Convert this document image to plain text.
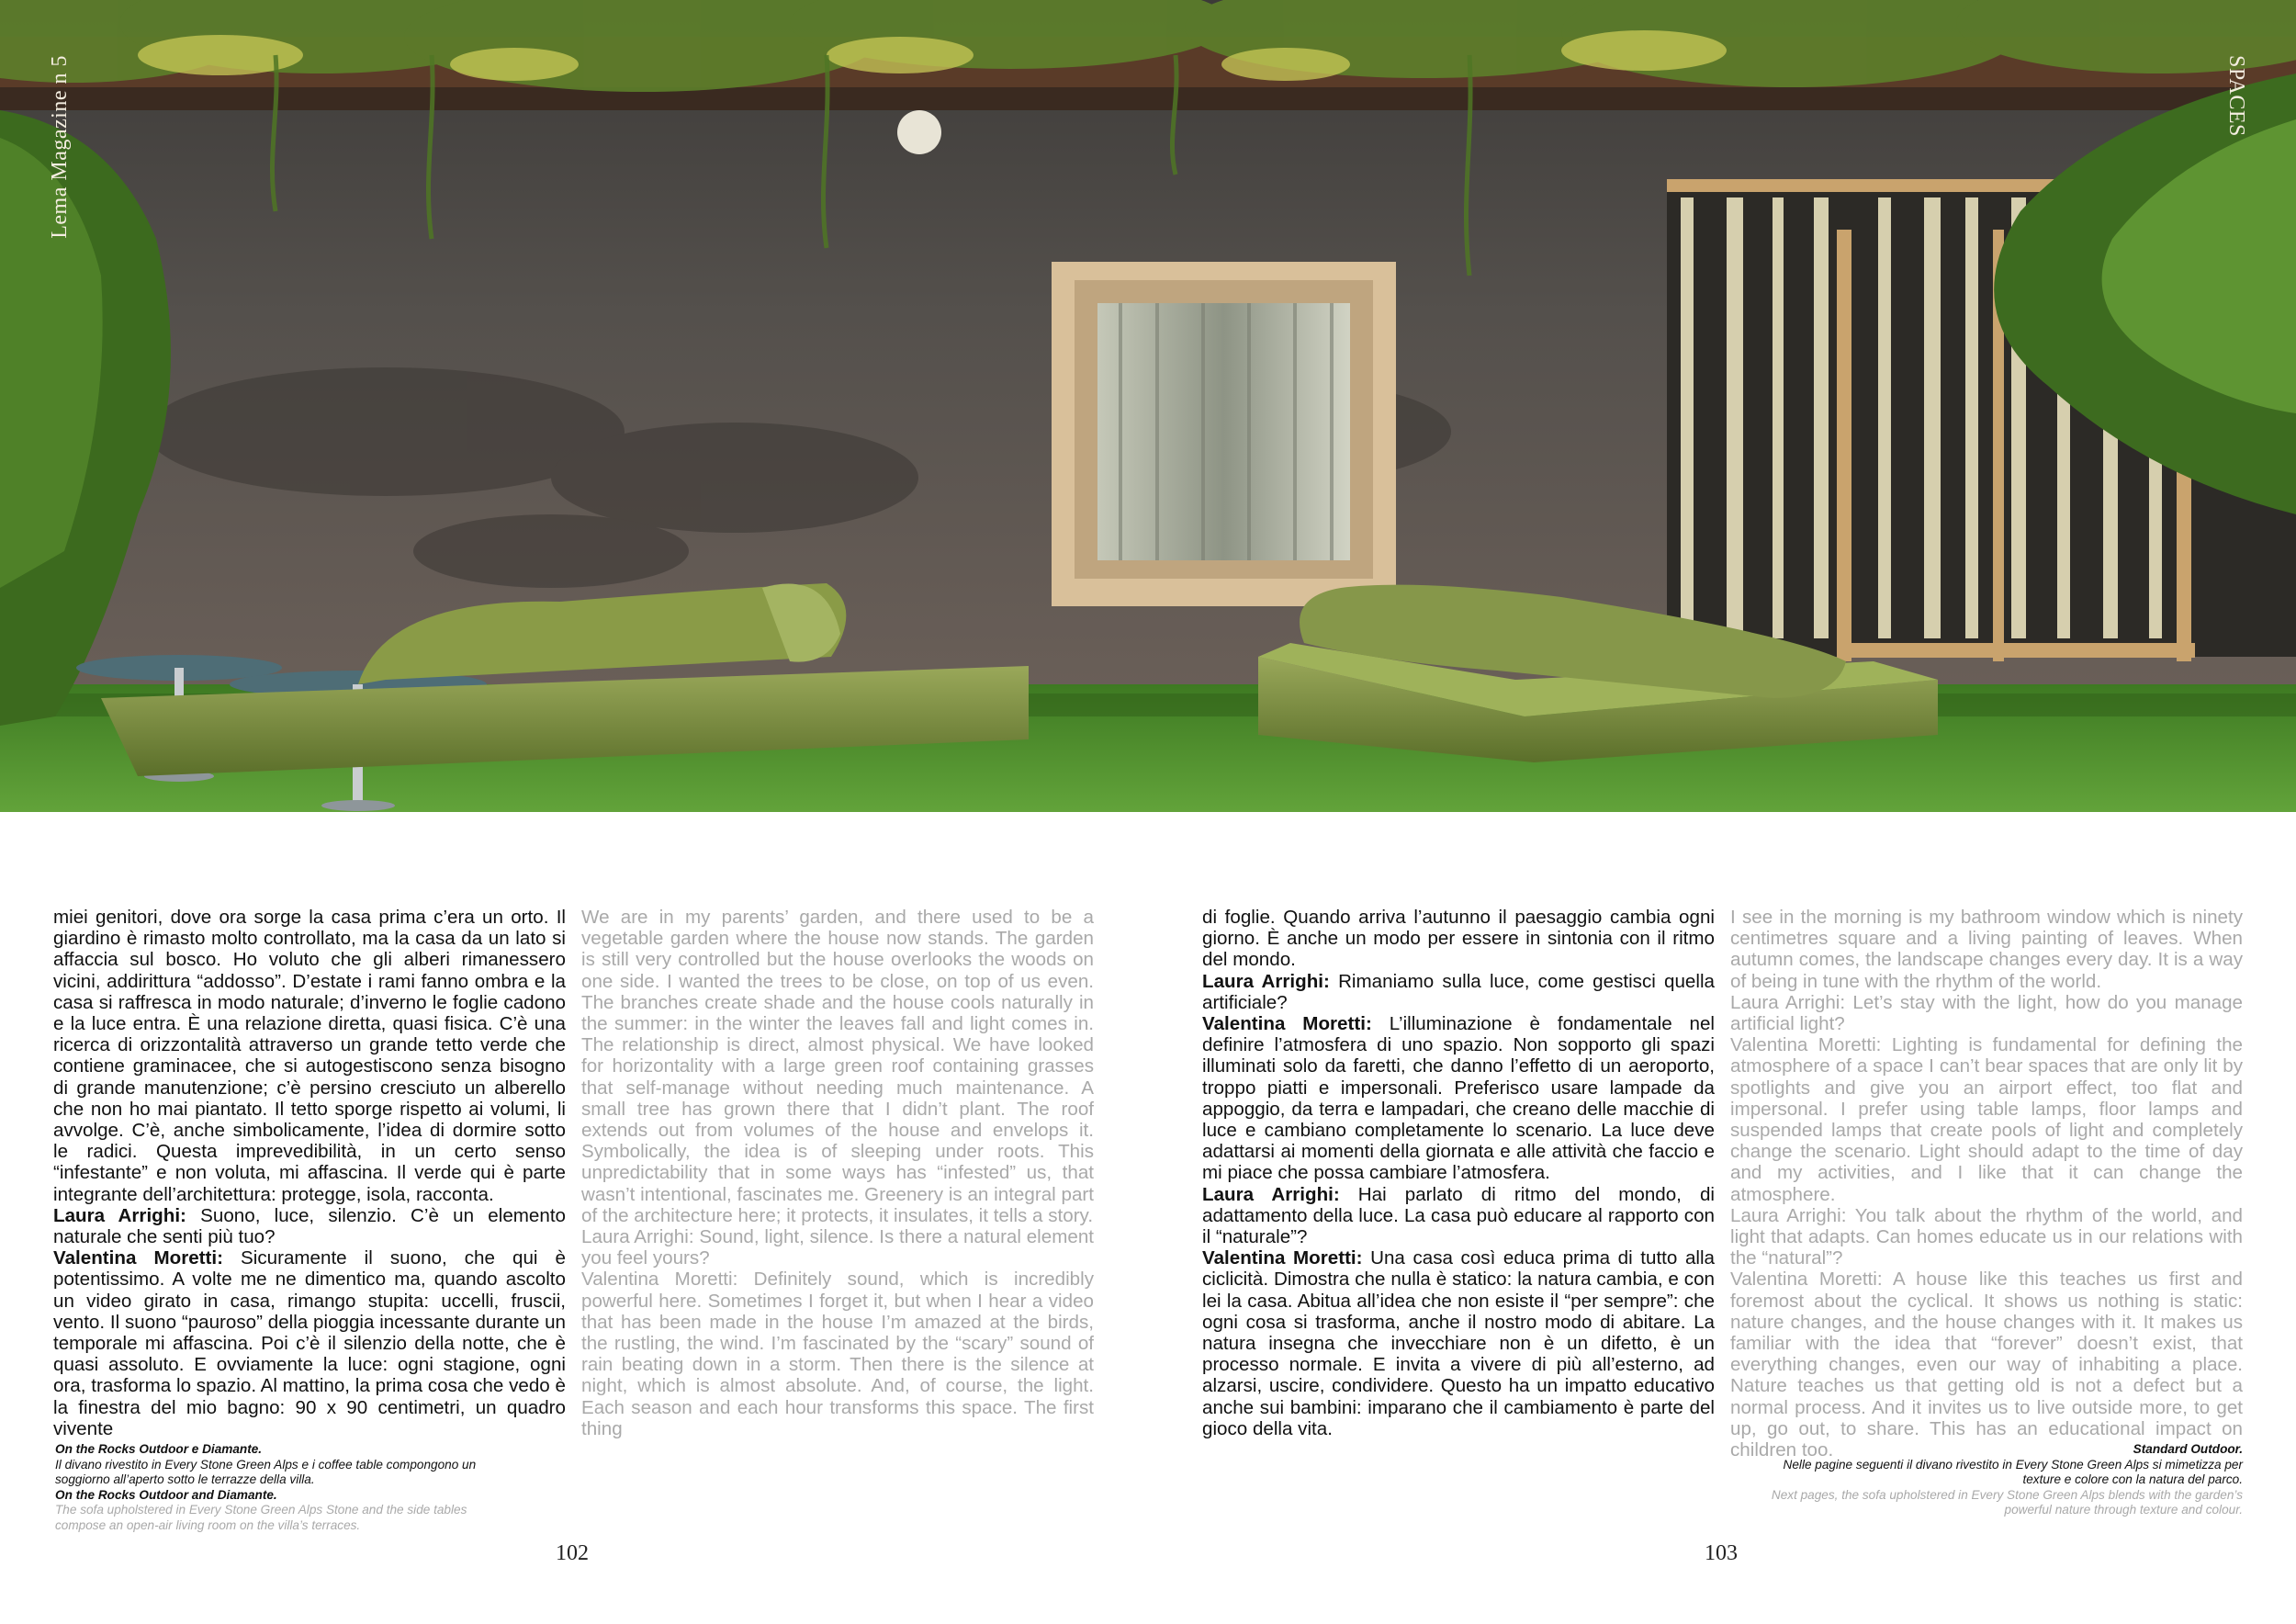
Lema Magazine n 5	SPACES

miei genitori, dove ora sorge la casa prima c’era un orto. Il giardino è rimasto molto controllato, ma la casa da un lato si affaccia sul bosco. Ho voluto che gli alberi rimanessero vicini, addirittura “addosso”. D’estate i rami fanno ombra e la casa si raffresca in modo naturale; d’inverno le foglie cadono e la luce entra. È una relazione diretta, quasi fisica. C’è una ricerca di orizzontalità attraverso un grande tetto verde che contiene graminacee, che si autogestiscono senza bisogno di grande manutenzione; c’è persino cresciuto un alberello che non ho mai piantato. Il tetto sporge rispetto ai volumi, li avvolge. C’è, anche simbolicamente, l’idea di dormire sotto le radici. Questa imprevedibilità, in un certo senso “infestante” e non voluta, mi affascina. Il verde qui è parte integrante dell’architettura: protegge, isola, racconta.
Laura Arrighi: Suono, luce, silenzio. C’è un elemento naturale che senti più tuo?
Valentina Moretti: Sicuramente il suono, che qui è potentissimo. A volte me ne dimentico ma, quando ascolto un video girato in casa, rimango stupita: uccelli, fruscii, vento. Il suono “pauroso” della pioggia incessante durante un temporale mi affascina. Poi c’è il silenzio della notte, che è quasi assoluto. E ovviamente la luce: ogni stagione, ogni ora, trasforma lo spazio. Al mattino, la prima cosa che vedo è la finestra del mio bagno: 90 x 90 centimetri, un quadro vivente

We are in my parents’ garden, and there used to be a vegetable garden where the house now stands. The garden is still very controlled but the house overlooks the woods on one side. I wanted the trees to be close, on top of us even. The branches create shade and the house cools naturally in the summer: in the winter the leaves fall and light comes in. The relationship is direct, almost physical. We have looked for horizontality with a large green roof containing grasses that self-manage without needing much maintenance. A small tree has grown there that I didn’t plant. The roof extends out from volumes of the house and envelops it. Symbolically, the idea is of sleeping under roots. This unpredictability that in some ways has “infested” us, that wasn’t intentional, fascinates me. Greenery is an integral part of the architecture here; it protects, it insulates, it tells a story.
Laura Arrighi: Sound, light, silence. Is there a natural element you feel yours?
Valentina Moretti: Definitely sound, which is incredibly powerful here. Sometimes I forget it, but when I hear a video that has been made in the house I’m amazed at the birds, the rustling, the wind. I’m fascinated by the “scary” sound of rain beating down in a storm. Then there is the silence at night, which is almost absolute. And, of course, the light. Each season and each hour transforms this space. The first thing

di foglie. Quando arriva l’autunno il paesaggio cambia ogni giorno. È anche un modo per essere in sintonia con il ritmo del mondo.
Laura Arrighi: Rimaniamo sulla luce, come gestisci quella artificiale?
Valentina Moretti: L’illuminazione è fondamentale nel definire l’atmosfera di uno spazio. Non sopporto gli spazi illuminati solo da faretti, che danno l’effetto di un aeroporto, troppo piatti e impersonali. Preferisco usare lampade da appoggio, da terra e lampadari, che creano delle macchie di luce e cambiano completamente lo scenario. La luce deve adattarsi ai momenti della giornata e alle attività che faccio e mi piace che possa cambiare l’atmosfera.
Laura Arrighi: Hai parlato di ritmo del mondo, di adattamento della luce. La casa può educare al rapporto con il “naturale”?
Valentina Moretti: Una casa così educa prima di tutto alla ciclicità. Dimostra che nulla è statico: la natura cambia, e con lei la casa. Abitua all’idea che non esiste il “per sempre”: che ogni cosa si trasforma, anche il nostro modo di abitare. La natura insegna che invecchiare non è un difetto, è un processo normale. E invita a vivere di più all’esterno, ad alzarsi, uscire, condividere. Questo ha un impatto educativo anche sui bambini: imparano che il cambiamento è parte del gioco della vita.

I see in the morning is my bathroom window which is ninety centimetres square and a living painting of leaves. When autumn comes, the landscape changes every day. It is a way of being in tune with the rhythm of the world.
Laura Arrighi: Let’s stay with the light, how do you manage artificial light?
Valentina Moretti: Lighting is fundamental for defining the atmosphere of a space I can’t bear spaces that are only lit by spotlights and give you an airport effect, too flat and impersonal. I prefer using table lamps, floor lamps and suspended lamps that create pools of light and completely change the scenario. Light should adapt to the time of day and my activities, and I like that it can change the atmosphere.
Laura Arrighi: You talk about the rhythm of the world, and light that adapts. Can homes educate us in our relations with the “natural”?
Valentina Moretti: A house like this teaches us first and foremost about the cyclical. It shows us nothing is static: nature changes, and the house changes with it. It makes us familiar with the idea that “forever” doesn’t exist, that everything changes, even our way of inhabiting a place. Nature teaches us that getting old is not a defect but a normal process. And it invites us to live outside more, to get up, go out, to share. This has an educational impact on children too.

On the Rocks Outdoor e Diamante.
Il divano rivestito in Every Stone Green Alps e i coffee table compongono un soggiorno all’aperto sotto le terrazze della villa.
On the Rocks Outdoor and Diamante.
The sofa upholstered in Every Stone Green Alps Stone and the side tables compose an open-air living room on the villa’s terraces.
Standard Outdoor.
Nelle pagine seguenti il divano rivestito in Every Stone Green Alps si mimetizza per texture e colore con la natura del parco.
Next pages, the sofa upholstered in Every Stone Green Alps blends with the garden’s powerful nature through texture and colour.
102	103
